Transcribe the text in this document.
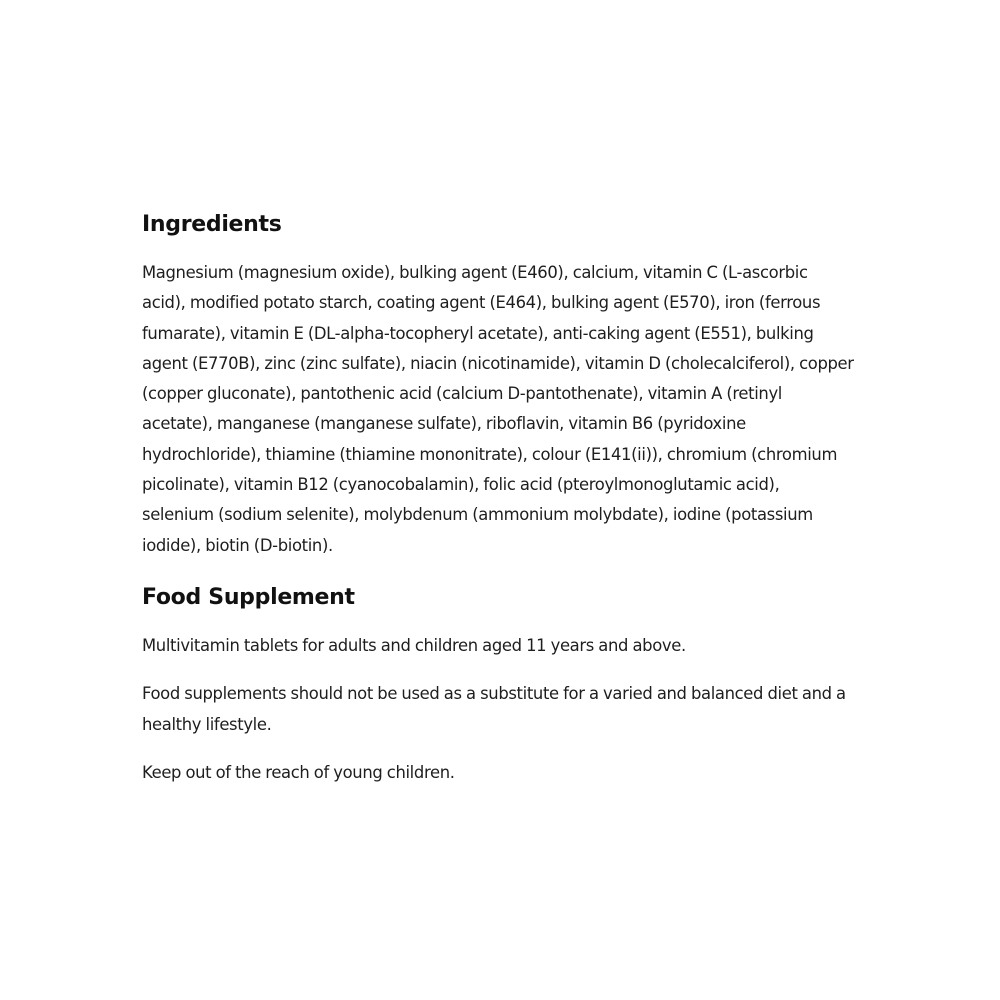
Ingredients

Magnesium (magnesium oxide), bulking agent (E460), calcium, vitamin C (L-ascorbic acid), modified potato starch, coating agent (E464), bulking agent (E570), iron (ferrous fumarate), vitamin E (DL-alpha-tocopheryl acetate), anti-caking agent (E551), bulking agent (E770B), zinc (zinc sulfate), niacin (nicotinamide), vitamin D (cholecalciferol), copper (copper gluconate), pantothenic acid (calcium D-pantothenate), vitamin A (retinyl acetate), manganese (manganese sulfate), riboflavin, vitamin B6 (pyridoxine hydrochloride), thiamine (thiamine mononitrate), colour (E141(ii)), chromium (chromium picolinate), vitamin B12 (cyanocobalamin), folic acid (pteroylmonoglutamic acid), selenium (sodium selenite), molybdenum (ammonium molybdate), iodine (potassium iodide), biotin (D-biotin).

Food Supplement

Multivitamin tablets for adults and children aged 11 years and above.

Food supplements should not be used as a substitute for a varied and balanced diet and a healthy lifestyle.

Keep out of the reach of young children.
